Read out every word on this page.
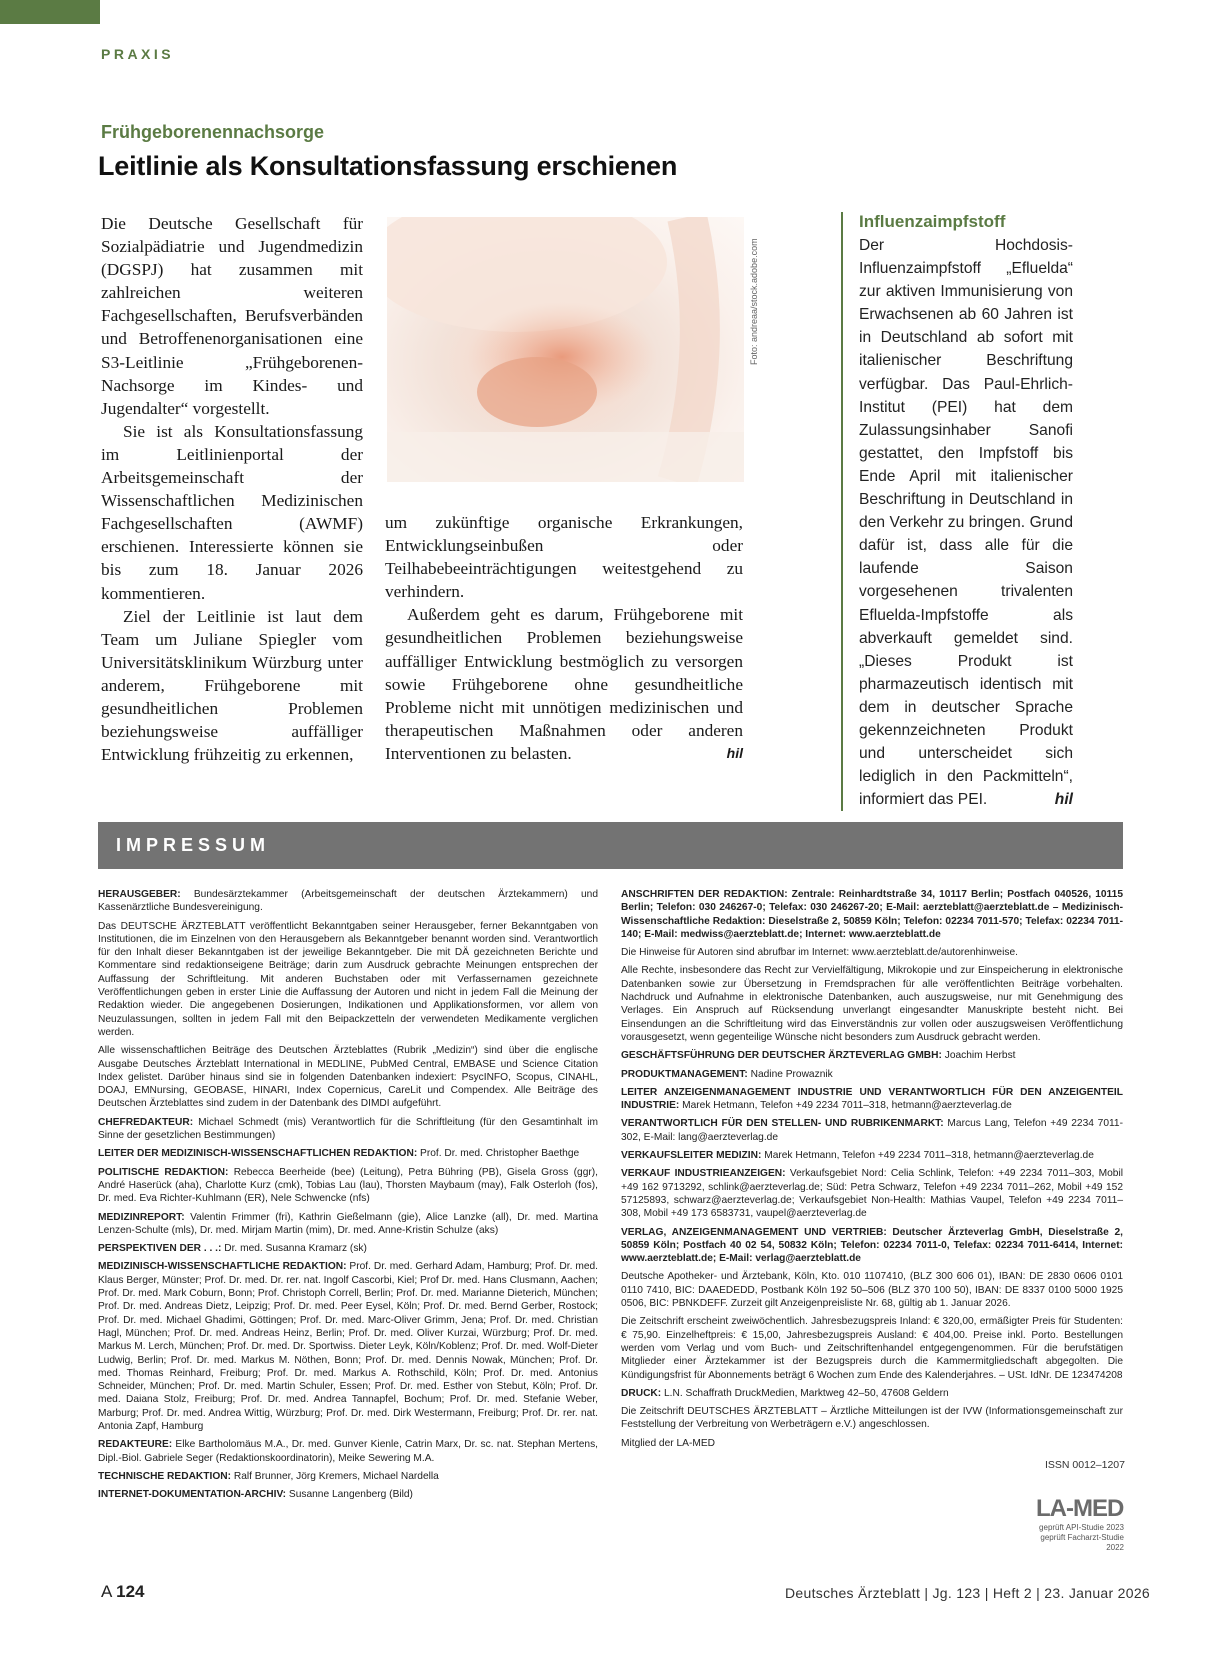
PRAXIS
Frühgeborenennachsorge
Leitlinie als Konsultationsfassung erschienen

Die Deutsche Gesellschaft für Sozialpädiatrie und Jugendmedizin (DGSPJ) hat zusammen mit zahlreichen weiteren Fachgesellschaften, Berufsverbänden und Betroffenenorganisationen eine S3-Leitlinie „Frühgeborenen-Nachsorge im Kindes- und Jugendalter“ vorgestellt.

Sie ist als Konsultationsfassung im Leitlinienportal der Arbeitsgemeinschaft der Wissenschaftlichen Medizinischen Fachgesellschaften (AWMF) erschienen. Interessierte können sie bis zum 18. Januar 2026 kommentieren.

Ziel der Leitlinie ist laut dem Team um Juliane Spiegler vom Universitätsklinikum Würzburg unter anderem, Frühgeborene mit gesundheitlichen Problemen beziehungsweise auffälliger Entwicklung frühzeitig zu erkennen,

Foto: andreaa/stock.adobe.com

um zukünftige organische Erkrankungen, Entwicklungseinbußen oder Teilhabebeeinträchtigungen weitestgehend zu verhindern.

Außerdem geht es darum, Frühgeborene mit gesundheitlichen Problemen beziehungsweise auffälliger Entwicklung bestmöglich zu versorgen sowie Frühgeborene ohne gesundheitliche Probleme nicht mit unnötigen medizinischen und therapeutischen Maßnahmen oder anderen Interventionen zu belasten.	hil

Influenzaimpfstoff

Der Hochdosis-Influenzaimpfstoff „Efluelda“ zur aktiven Immunisierung von Erwachsenen ab 60 Jahren ist in Deutschland ab sofort mit italienischer Beschriftung verfügbar. Das Paul-Ehrlich-Institut (PEI) hat dem Zulassungsinhaber Sanofi gestattet, den Impfstoff bis Ende April mit italienischer Beschriftung in Deutschland in den Verkehr zu bringen. Grund dafür ist, dass alle für die laufende Saison vorgesehenen trivalenten Efluelda-Impfstoffe als abverkauft gemeldet sind. „Dieses Produkt ist pharmazeutisch identisch mit dem in deutscher Sprache gekennzeichneten Produkt und unterscheidet sich lediglich in den Packmitteln“, informiert das PEI.	hil

IMPRESSUM

HERAUSGEBER: Bundesärztekammer (Arbeitsgemeinschaft der deutschen Ärztekammern) und Kassenärztliche Bundesvereinigung.

Das DEUTSCHE ÄRZTEBLATT veröffentlicht Bekanntgaben seiner Herausgeber, ferner Bekanntgaben von Institutionen, die im Einzelnen von den Herausgebern als Bekanntgeber benannt worden sind. Verantwortlich für den Inhalt dieser Bekanntgaben ist der jeweilige Bekanntgeber. Die mit DÄ gezeichneten Berichte und Kommentare sind redaktionseigene Beiträge; darin zum Ausdruck gebrachte Meinungen entsprechen der Auffassung der Schriftleitung. Mit anderen Buchstaben oder mit Verfassernamen gezeichnete Veröffentlichungen geben in erster Linie die Auffassung der Autoren und nicht in jedem Fall die Meinung der Redaktion wieder. Die angegebenen Dosierungen, Indikationen und Applikationsformen, vor allem von Neuzulassungen, sollten in jedem Fall mit den Beipackzetteln der verwendeten Medikamente verglichen werden.

Alle wissenschaftlichen Beiträge des Deutschen Ärzteblattes (Rubrik „Medizin“) sind über die englische Ausgabe Deutsches Ärzteblatt International in MEDLINE, PubMed Central, EMBASE und Science Citation Index gelistet. Darüber hinaus sind sie in folgenden Datenbanken indexiert: PsycINFO, Scopus, CINAHL, DOAJ, EMNursing, GEOBASE, HINARI, Index Copernicus, CareLit und Compendex. Alle Beiträge des Deutschen Ärzteblattes sind zudem in der Datenbank des DIMDI aufgeführt.

CHEFREDAKTEUR: Michael Schmedt (mis) Verantwortlich für die Schriftleitung (für den Gesamtinhalt im Sinne der gesetzlichen Bestimmungen)

LEITER DER MEDIZINISCH-WISSENSCHAFTLICHEN REDAKTION: Prof. Dr. med. Christopher Baethge

POLITISCHE REDAKTION: Rebecca Beerheide (bee) (Leitung), Petra Bühring (PB), Gisela Gross (ggr), André Haserück (aha), Charlotte Kurz (cmk), Tobias Lau (lau), Thorsten Maybaum (may), Falk Osterloh (fos), Dr. med. Eva Richter-Kuhlmann (ER), Nele Schwencke (nfs)

MEDIZINREPORT: Valentin Frimmer (fri), Kathrin Gießelmann (gie), Alice Lanzke (all), Dr. med. Martina Lenzen-Schulte (mls), Dr. med. Mirjam Martin (mim), Dr. med. Anne-Kristin Schulze (aks)

PERSPEKTIVEN DER . . .: Dr. med. Susanna Kramarz (sk)

MEDIZINISCH-WISSENSCHAFTLICHE REDAKTION: Prof. Dr. med. Gerhard Adam, Hamburg; Prof. Dr. med. Klaus Berger, Münster; Prof. Dr. med. Dr. rer. nat. Ingolf Cascorbi, Kiel; Prof Dr. med. Hans Clusmann, Aachen; Prof. Dr. med. Mark Coburn, Bonn; Prof. Christoph Correll, Berlin; Prof. Dr. med. Marianne Dieterich, München; Prof. Dr. med. Andreas Dietz, Leipzig; Prof. Dr. med. Peer Eysel, Köln; Prof. Dr. med. Bernd Gerber, Rostock; Prof. Dr. med. Michael Ghadimi, Göttingen; Prof. Dr. med. Marc-Oliver Grimm, Jena; Prof. Dr. med. Christian Hagl, München; Prof. Dr. med. Andreas Heinz, Berlin; Prof. Dr. med. Oliver Kurzai, Würzburg; Prof. Dr. med. Markus M. Lerch, München; Prof. Dr. med. Dr. Sportwiss. Dieter Leyk, Köln/Koblenz; Prof. Dr. med. Wolf-Dieter Ludwig, Berlin; Prof. Dr. med. Markus M. Nöthen, Bonn; Prof. Dr. med. Dennis Nowak, München; Prof. Dr. med. Thomas Reinhard, Freiburg; Prof. Dr. med. Markus A. Rothschild, Köln; Prof. Dr. med. Antonius Schneider, München; Prof. Dr. med. Martin Schuler, Essen; Prof. Dr. med. Esther von Stebut, Köln; Prof. Dr. med. Daiana Stolz, Freiburg; Prof. Dr. med. Andrea Tannapfel, Bochum; Prof. Dr. med. Stefanie Weber, Marburg; Prof. Dr. med. Andrea Wittig, Würzburg; Prof. Dr. med. Dirk Westermann, Freiburg; Prof. Dr. rer. nat. Antonia Zapf, Hamburg

REDAKTEURE: Elke Bartholomäus M.A., Dr. med. Gunver Kienle, Catrin Marx, Dr. sc. nat. Stephan Mertens, Dipl.-Biol. Gabriele Seger (Redaktionskoordinatorin), Meike Sewering M.A.

TECHNISCHE REDAKTION: Ralf Brunner, Jörg Kremers, Michael Nardella

INTERNET-DOKUMENTATION-ARCHIV: Susanne Langenberg (Bild)

ANSCHRIFTEN DER REDAKTION: Zentrale: Reinhardtstraße 34, 10117 Berlin; Postfach 040526, 10115 Berlin; Telefon: 030 246267-0; Telefax: 030 246267-20; E-Mail: aerzteblatt@aerzteblatt.de – Medizinisch-Wissenschaftliche Redaktion: Dieselstraße 2, 50859 Köln; Telefon: 02234 7011-570; Telefax: 02234 7011-140; E-Mail: medwiss@aerzteblatt.de; Internet: www.aerzteblatt.de

Die Hinweise für Autoren sind abrufbar im Internet: www.aerzteblatt.de/autorenhinweise.

Alle Rechte, insbesondere das Recht zur Vervielfältigung, Mikrokopie und zur Einspeicherung in elektronische Datenbanken sowie zur Übersetzung in Fremdsprachen für alle veröffentlichten Beiträge vorbehalten. Nachdruck und Aufnahme in elektronische Datenbanken, auch auszugsweise, nur mit Genehmigung des Verlages. Ein Anspruch auf Rücksendung unverlangt eingesandter Manuskripte besteht nicht. Bei Einsendungen an die Schriftleitung wird das Einverständnis zur vollen oder auszugsweisen Veröffentlichung vorausgesetzt, wenn gegenteilige Wünsche nicht besonders zum Ausdruck gebracht werden.

GESCHÄFTSFÜHRUNG DER DEUTSCHER ÄRZTEVERLAG GMBH: Joachim Herbst

PRODUKTMANAGEMENT: Nadine Prowaznik

LEITER ANZEIGENMANAGEMENT INDUSTRIE UND VERANTWORTLICH FÜR DEN ANZEIGENTEIL INDUSTRIE: Marek Hetmann, Telefon +49 2234 7011–318, hetmann@aerzteverlag.de

VERANTWORTLICH FÜR DEN STELLEN- UND RUBRIKENMARKT: Marcus Lang, Telefon +49 2234 7011-302, E-Mail: lang@aerzteverlag.de

VERKAUFSLEITER MEDIZIN: Marek Hetmann, Telefon +49 2234 7011–318, hetmann@aerzteverlag.de

VERKAUF INDUSTRIEANZEIGEN: Verkaufsgebiet Nord: Celia Schlink, Telefon: +49 2234 7011–303, Mobil +49 162 9713292, schlink@aerzteverlag.de; Süd: Petra Schwarz, Telefon +49 2234 7011–262, Mobil +49 152 57125893, schwarz@aerzteverlag.de; Verkaufsgebiet Non-Health: Mathias Vaupel, Telefon +49 2234 7011–308, Mobil +49 173 6583731, vaupel@aerzteverlag.de

VERLAG, ANZEIGENMANAGEMENT UND VERTRIEB: Deutscher Ärzteverlag GmbH, Dieselstraße 2, 50859 Köln; Postfach 40 02 54, 50832 Köln; Telefon: 02234 7011-0, Telefax: 02234 7011-6414, Internet: www.aerzteblatt.de; E-Mail: verlag@aerzteblatt.de

Deutsche Apotheker- und Ärztebank, Köln, Kto. 010 1107410, (BLZ 300 606 01), IBAN: DE 2830 0606 0101 0110 7410, BIC: DAAEDEDD, Postbank Köln 192 50–506 (BLZ 370 100 50), IBAN: DE 8337 0100 5000 1925 0506, BIC: PBNKDEFF. Zurzeit gilt Anzeigenpreisliste Nr. 68, gültig ab 1. Januar 2026.

Die Zeitschrift erscheint zweiwöchentlich. Jahresbezugspreis Inland: € 320,00, ermäßigter Preis für Studenten: € 75,90. Einzelheftpreis: € 15,00, Jahresbezugspreis Ausland: € 404,00. Preise inkl. Porto. Bestellungen werden vom Verlag und vom Buch- und Zeitschriftenhandel entgegengenommen. Für die berufstätigen Mitglieder einer Ärztekammer ist der Bezugspreis durch die Kammermitgliedschaft abgegolten. Die Kündigungsfrist für Abonnements beträgt 6 Wochen zum Ende des Kalenderjahres. – USt. IdNr. DE 123474208

DRUCK: L.N. Schaffrath DruckMedien, Marktweg 42–50, 47608 Geldern

Die Zeitschrift DEUTSCHES ÄRZTEBLATT – Ärztliche Mitteilungen ist der IVW (Informationsgemeinschaft zur Feststellung der Verbreitung von Werbeträgern e.V.) angeschlossen.

Mitglied der LA-MED

ISSN 0012–1207
LA-MED
geprüft API-Studie 2023
geprüft Facharzt-Studie 2022
A 124	Deutsches Ärzteblatt | Jg. 123 | Heft 2 | 23. Januar 2026
